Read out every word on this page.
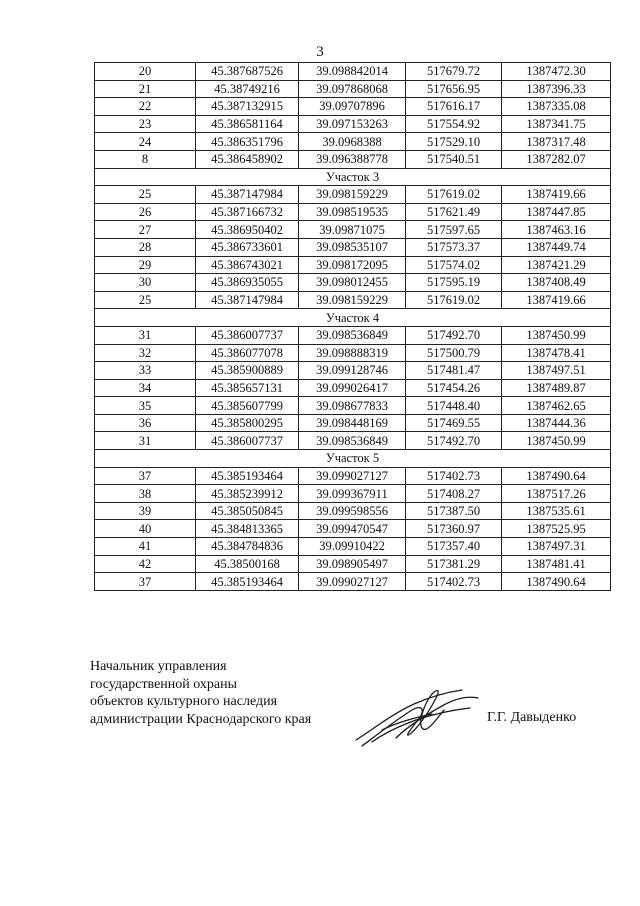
3
20	45.387687526	39.098842014	517679.72	1387472.30
21	45.38749216	39.097868068	517656.95	1387396.33
22	45.387132915	39.09707896	517616.17	1387335.08
23	45.386581164	39.097153263	517554.92	1387341.75
24	45.386351796	39.0968388	517529.10	1387317.48
8	45.386458902	39.096388778	517540.51	1387282.07
Участок 3				
25	45.387147984	39.098159229	517619.02	1387419.66
26	45.387166732	39.098519535	517621.49	1387447.85
27	45.386950402	39.09871075	517597.65	1387463.16
28	45.386733601	39.098535107	517573.37	1387449.74
29	45.386743021	39.098172095	517574.02	1387421.29
30	45.386935055	39.098012455	517595.19	1387408.49
25	45.387147984	39.098159229	517619.02	1387419.66
Участок 4				
31	45.386007737	39.098536849	517492.70	1387450.99
32	45.386077078	39.098888319	517500.79	1387478.41
33	45.385900889	39.099128746	517481.47	1387497.51
34	45.385657131	39.099026417	517454.26	1387489.87
35	45.385607799	39.098677833	517448.40	1387462.65
36	45.385800295	39.098448169	517469.55	1387444.36
31	45.386007737	39.098536849	517492.70	1387450.99
Участок 5				
37	45.385193464	39.099027127	517402.73	1387490.64
38	45.385239912	39.099367911	517408.27	1387517.26
39	45.385050845	39.099598556	517387.50	1387535.61
40	45.384813365	39.099470547	517360.97	1387525.95
41	45.384784836	39.09910422	517357.40	1387497.31
42	45.38500168	39.098905497	517381.29	1387481.41
37	45.385193464	39.099027127	517402.73	1387490.64
Начальник управления
государственной охраны
объектов культурного наследия
администрации Краснодарского края	Г.Г. Давыденко
